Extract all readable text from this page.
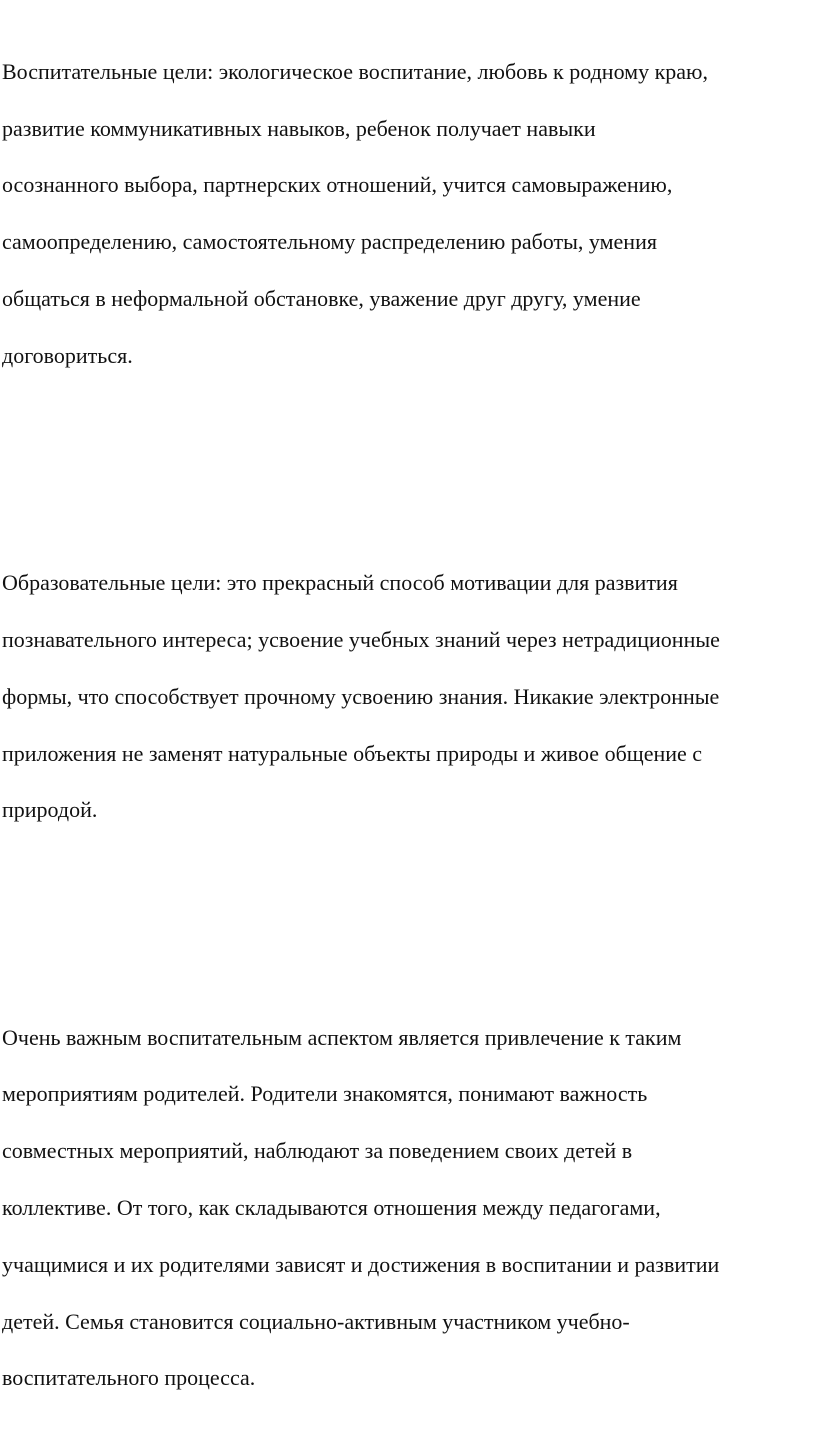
Воспитательные цели: экологическое воспитание, любовь к родному краю,

развитие коммуникативных навыков, ребенок получает навыки

осознанного выбора, партнерских отношений, учится самовыражению,

самоопределению, самостоятельному распределению работы, умения

общаться в неформальной обстановке, уважение друг другу, умение

договориться.

Образовательные цели: это прекрасный способ мотивации для развития

познавательного интереса; усвоение учебных знаний через нетрадиционные

формы, что способствует прочному усвоению знания. Никакие электронные

приложения не заменят натуральные объекты природы и живое общение с

природой.

Очень важным воспитательным аспектом является привлечение к таким

мероприятиям родителей. Родители знакомятся, понимают важность

совместных мероприятий, наблюдают за поведением своих детей в

коллективе. От того, как складываются отношения между педагогами,

учащимися и их родителями зависят и достижения в воспитании и развитии

детей. Семья становится социально-активным участником учебно-

воспитательного процесса.
